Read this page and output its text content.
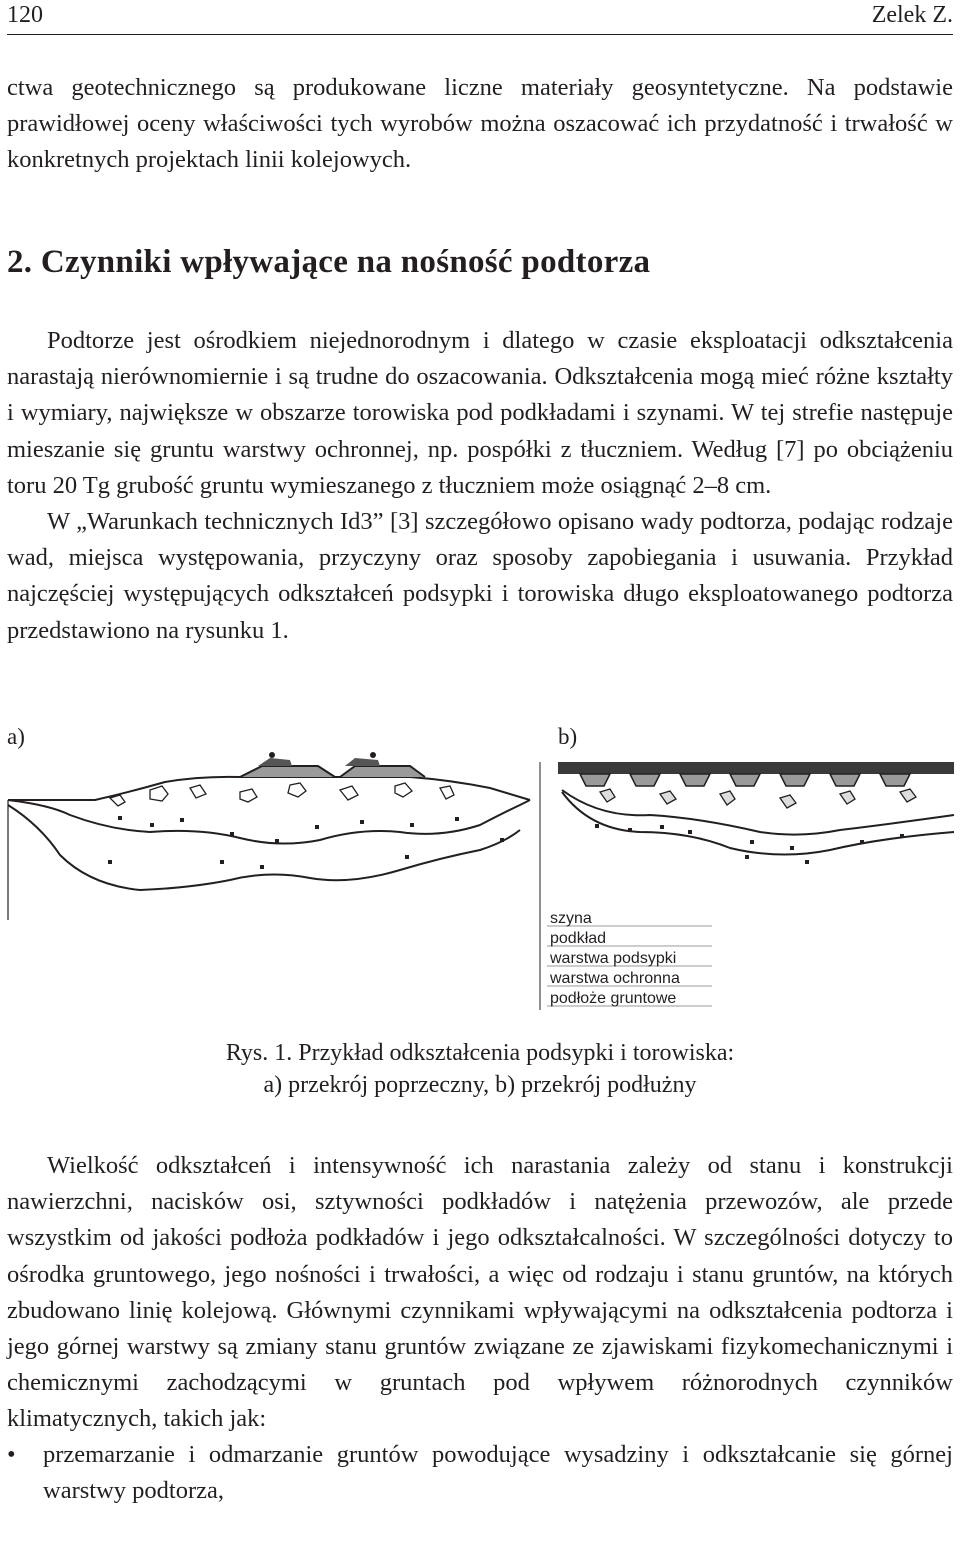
120	Zelek Z.

ctwa geotechnicznego są produkowane liczne materiały geosyntetyczne. Na podstawie prawidłowej oceny właściwości tych wyrobów można oszacować ich przydatność i trwałość w konkretnych projektach linii kolejowych.

2. Czynniki wpływające na nośność podtorza

Podtorze jest ośrodkiem niejednorodnym i dlatego w czasie eksploatacji odkształcenia narastają nierównomiernie i są trudne do oszacowania. Odkształcenia mogą mieć różne kształty i wymiary, największe w obszarze torowiska pod podkładami i szynami. W tej strefie następuje mieszanie się gruntu warstwy ochronnej, np. pospółki z tłuczniem. Według [7] po obciążeniu toru 20 Tg grubość gruntu wymieszanego z tłuczniem może osiągnąć 2–8 cm.

W „Warunkach technicznych Id3” [3] szczegółowo opisano wady podtorza, podając rodzaje wad, miejsca występowania, przyczyny oraz sposoby zapobiegania i usuwania. Przykład najczęściej występujących odkształceń podsypki i torowiska długo eksploatowanego podtorza przedstawiono na rysunku 1.

a)	b)
szyna
podkład
warstwa podsypki
warstwa ochronna
podłoże gruntowe

Rys. 1. Przykład odkształcenia podsypki i torowiska:

a) przekrój poprzeczny, b) przekrój podłużny

Wielkość odkształceń i intensywność ich narastania zależy od stanu i konstrukcji nawierzchni, nacisków osi, sztywności podkładów i natężenia przewozów, ale przede wszystkim od jakości podłoża podkładów i jego odkształcalności. W szczególności dotyczy to ośrodka gruntowego, jego nośności i trwałości, a więc od rodzaju i stanu gruntów, na których zbudowano linię kolejową. Głównymi czynnikami wpływającymi na odkształcenia podtorza i jego górnej warstwy są zmiany stanu gruntów związane ze zjawiskami fizykomechanicznymi i chemicznymi zachodzącymi w gruntach pod wpływem różnorodnych czynników klimatycznych, takich jak:

• przemarzanie i odmarzanie gruntów powodujące wysadziny i odkształcanie się górnej warstwy podtorza,
